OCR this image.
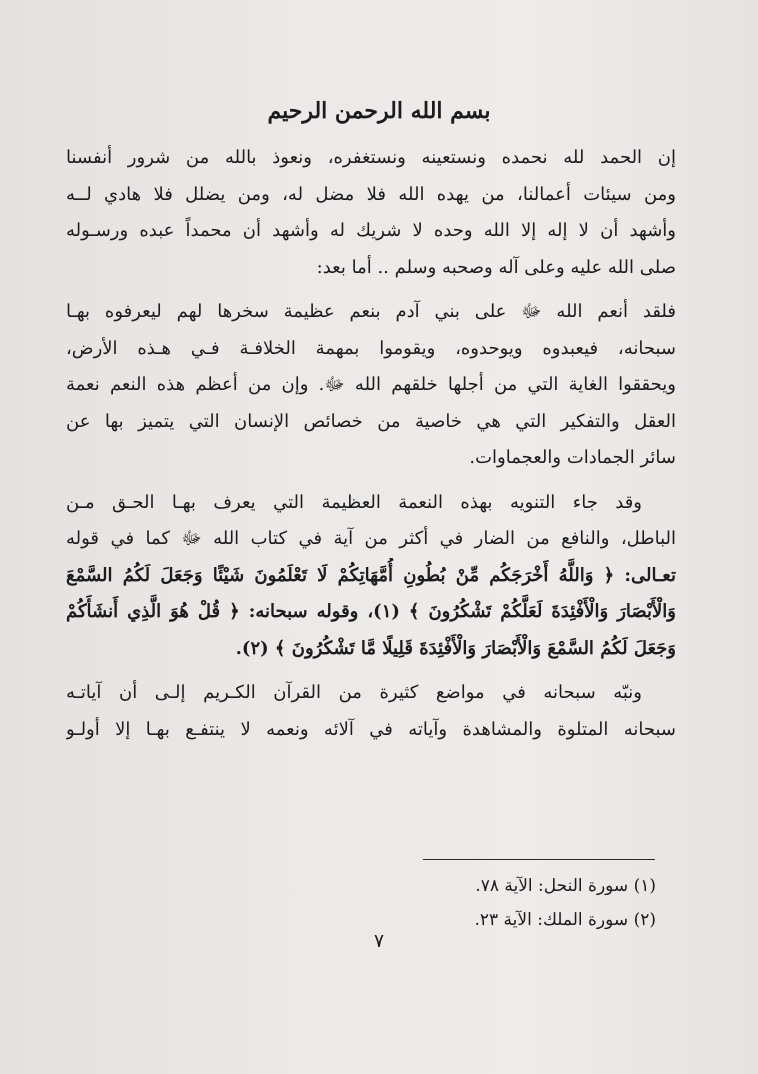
بسم الله الرحمن الرحيم
إن الحمد لله نحمده ونستعينه ونستغفره، ونعوذ بالله من شرور أنفسنا
ومن سيئات أعمالنا، من يهده الله فلا مضل له، ومن يضلل فلا هادي لــه
وأشهد أن لا إله إلا الله وحده لا شريك له وأشهد أن محمداً عبده ورسـوله
صلى الله عليه وعلى آله وصحبه وسلم .. أما بعد:
فلقد أنعم الله ﷻ على بني آدم بنعم عظيمة سخرها لهم ليعرفوه بهـا
سبحانه، فيعبدوه ويوحدوه، ويقوموا بمهمة الخلافـة فـي هـذه الأرض،
ويحققوا الغاية التي من أجلها خلقهم الله ﷻ. وإن من أعظم هذه النعم نعمة
العقل والتفكير التي هي خاصية من خصائص الإنسان التي يتميز بها عن
سائر الجمادات والعجماوات.
وقد جاء التنويه بهذه النعمة العظيمة التي يعرف بهـا الحـق مـن
الباطل، والنافع من الضار في أكثر من آية في كتاب الله ﷻ كما في قوله
تعـالى: ﴿ وَاللَّهُ أَخْرَجَكُم مِّنْ بُطُونِ أُمَّهَاتِكُمْ لَا تَعْلَمُونَ شَيْئًا وَجَعَلَ لَكُمُ السَّمْعَ
وَالْأَبْصَارَ وَالْأَفْئِدَةَ لَعَلَّكُمْ تَشْكُرُونَ ﴾ (١)، وقوله سبحانه: ﴿ قُلْ هُوَ الَّذِي أَنشَأَكُمْ
وَجَعَلَ لَكُمُ السَّمْعَ وَالْأَبْصَارَ وَالْأَفْئِدَةَ قَلِيلًا مَّا تَشْكُرُونَ ﴾ (٢).
ونبّه سبحانه في مواضع كثيرة من القرآن الكـريم إلـى أن آياتـه
سبحانه المتلوة والمشاهدة وآياته في آلائه ونعمه لا ينتفـع بهـا إلا أولـو
(١) سورة النحل: الآية ٧٨.
(٢) سورة الملك: الآية ٢٣.
٧
